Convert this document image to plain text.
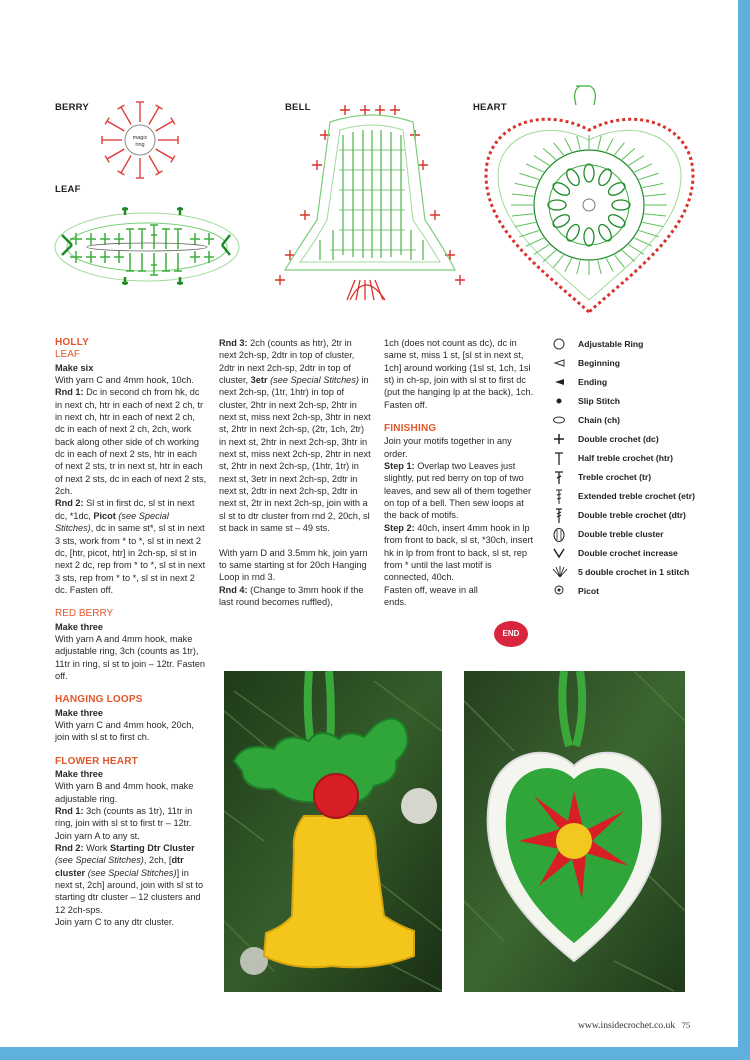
BERRY
LEAF
BELL	HEART
magic
ring

HOLLY

LEAF

Make six

With yarn C and 4mm hook, 10ch.

Rnd 1: Dc in second ch from hk, dc in next ch, htr in each of next 2 ch, tr in next ch, htr in each of next 2 ch, dc in each of next 2 ch, 2ch, work back along other side of ch working dc in each of next 2 sts, htr in each of next 2 sts, tr in next st, htr in each of next 2 sts, dc in each of next 2 sts, 2ch.

Rnd 2: Sl st in first dc, sl st in next dc, *1dc, Picot (see Special Stitches), dc in same st*, sl st in next 3 sts, work from * to *, sl st in next 2 dc, [htr, picot, htr] in 2ch-sp, sl st in next 2 dc, rep from * to *, sl st in next 3 sts, rep from * to *, sl st in next 2 dc. Fasten off.

RED BERRY

Make three

With yarn A and 4mm hook, make adjustable ring, 3ch (counts as 1tr), 11tr in ring, sl st to join – 12tr. Fasten off.

HANGING LOOPS

Make three

With yarn C and 4mm hook, 20ch, join with sl st to first ch.

FLOWER HEART

Make three

With yarn B and 4mm hook, make adjustable ring.

Rnd 1: 3ch (counts as 1tr), 11tr in ring, join with sl st to first tr – 12tr. Join yarn A to any st.

Rnd 2: Work Starting Dtr Cluster (see Special Stitches), 2ch, [dtr cluster (see Special Stitches)] in next st, 2ch] around, join with sl st to starting dtr cluster – 12 clusters and 12 2ch-sps.

Join yarn C to any dtr cluster.

Rnd 3: 2ch (counts as htr), 2tr in next 2ch-sp, 2dtr in top of cluster, 2dtr in next 2ch-sp, 2dtr in top of cluster, 3etr (see Special Stitches) in next 2ch-sp, (1tr, 1htr) in top of cluster, 2htr in next 2ch-sp, 2htr in next st, miss next 2ch-sp, 3htr in next st, 2htr in next 2ch-sp, (2tr, 1ch, 2tr) in next st, 2htr in next 2ch-sp, 3htr in next st, miss next 2ch-sp, 2htr in next st, 2htr in next 2ch-sp, (1htr, 1tr) in next st, 3etr in next 2ch-sp, 2dtr in next st, 2dtr in next 2ch-sp, 2dtr in next st, 2tr in next 2ch-sp, join with a sl st to dtr cluster from rnd 2, 20ch, sl st back in same st – 49 sts.

With yarn D and 3.5mm hk, join yarn to same starting st for 20ch Hanging Loop in rnd 3.

Rnd 4: (Change to 3mm hook if the last round becomes ruffled),

1ch (does not count as dc), dc in same st, miss 1 st, [sl st in next st, 1ch] around working (1sl st, 1ch, 1sl st) in ch-sp, join with sl st to first dc (put the hanging lp at the back), 1ch.

Fasten off.

FINISHING

Join your motifs together in any order.

Step 1: Overlap two Leaves just slightly, put red berry on top of two leaves, and sew all of them together on top of a bell. Then sew loops at the back of motifs.

Step 2: 40ch, insert 4mm hook in lp from front to back, sl st, *30ch, insert hk in lp from front to back, sl st, rep from * until the last motif is connected, 40ch.

Fasten off, weave in all ends.

END
Adjustable Ring
Beginning
Ending
Slip Stitch
Chain (ch)
Double crochet (dc)
Half treble crochet (htr)
Treble crochet (tr)
Extended treble crochet (etr)
Double treble crochet (dtr)
Double treble cluster
Double crochet increase
5 double crochet in 1 stitch
Picot
www.insidecrochet.co.uk 75
